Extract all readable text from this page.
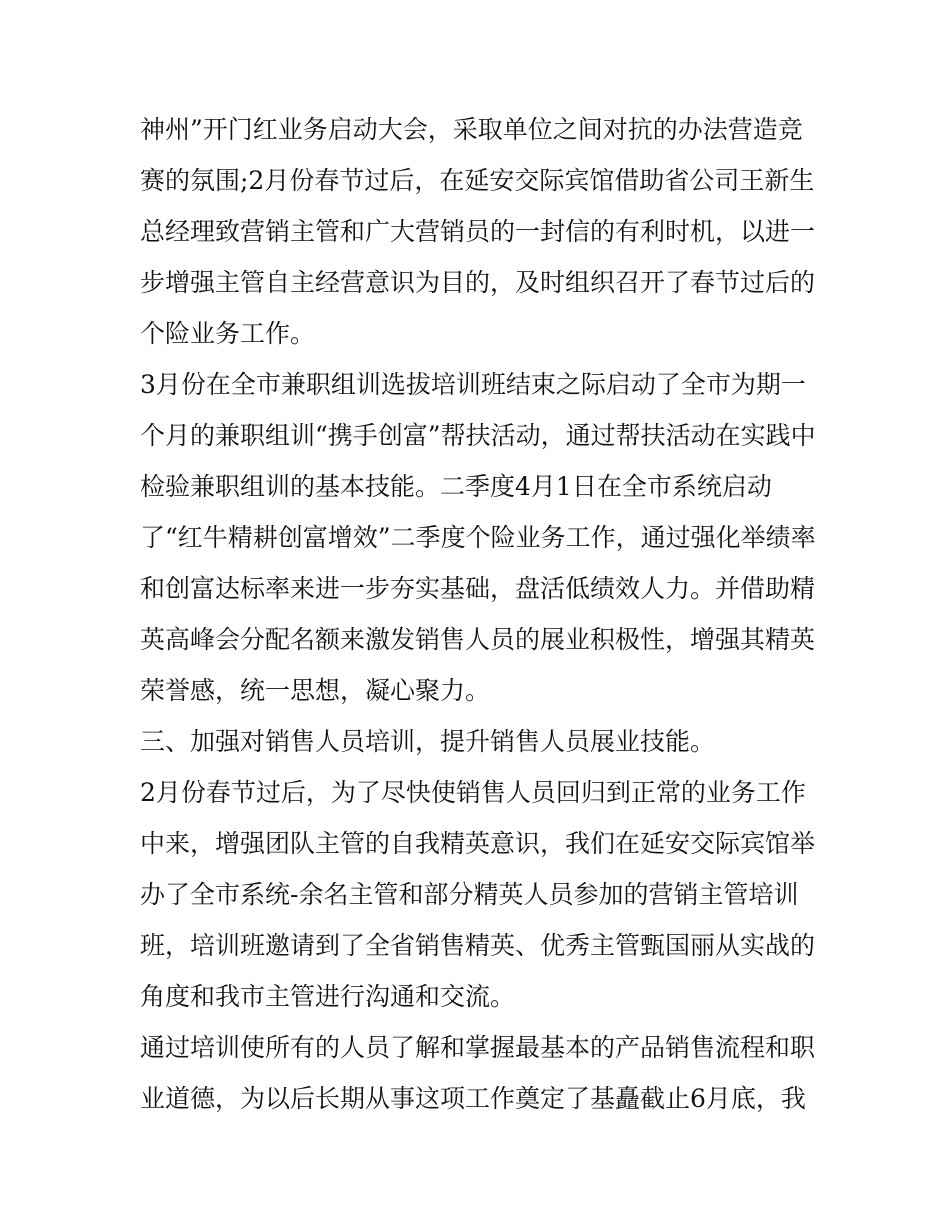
神州”开门红业务启动大会，采取单位之间对抗的办法营造竞
赛的氛围;2月份春节过后，在延安交际宾馆借助省公司王新生
总经理致营销主管和广大营销员的一封信的有利时机，以进一
步增强主管自主经营意识为目的，及时组织召开了春节过后的
个险业务工作。
3月份在全市兼职组训选拔培训班结束之际启动了全市为期一
个月的兼职组训“携手创富”帮扶活动，通过帮扶活动在实践中
检验兼职组训的基本技能。二季度4月1日在全市系统启动
了“红牛精耕创富增效”二季度个险业务工作，通过强化举绩率
和创富达标率来进一步夯实基础，盘活低绩效人力。并借助精
英高峰会分配名额来激发销售人员的展业积极性，增强其精英
荣誉感，统一思想，凝心聚力。
三、加强对销售人员培训，提升销售人员展业技能。
2月份春节过后，为了尽快使销售人员回归到正常的业务工作
中来，增强团队主管的自我精英意识，我们在延安交际宾馆举
办了全市系统-余名主管和部分精英人员参加的营销主管培训
班，培训班邀请到了全省销售精英、优秀主管甄国丽从实战的
角度和我市主管进行沟通和交流。
通过培训使所有的人员了解和掌握最基本的产品销售流程和职
业道德，为以后长期从事这项工作奠定了基矗截止6月底，我
